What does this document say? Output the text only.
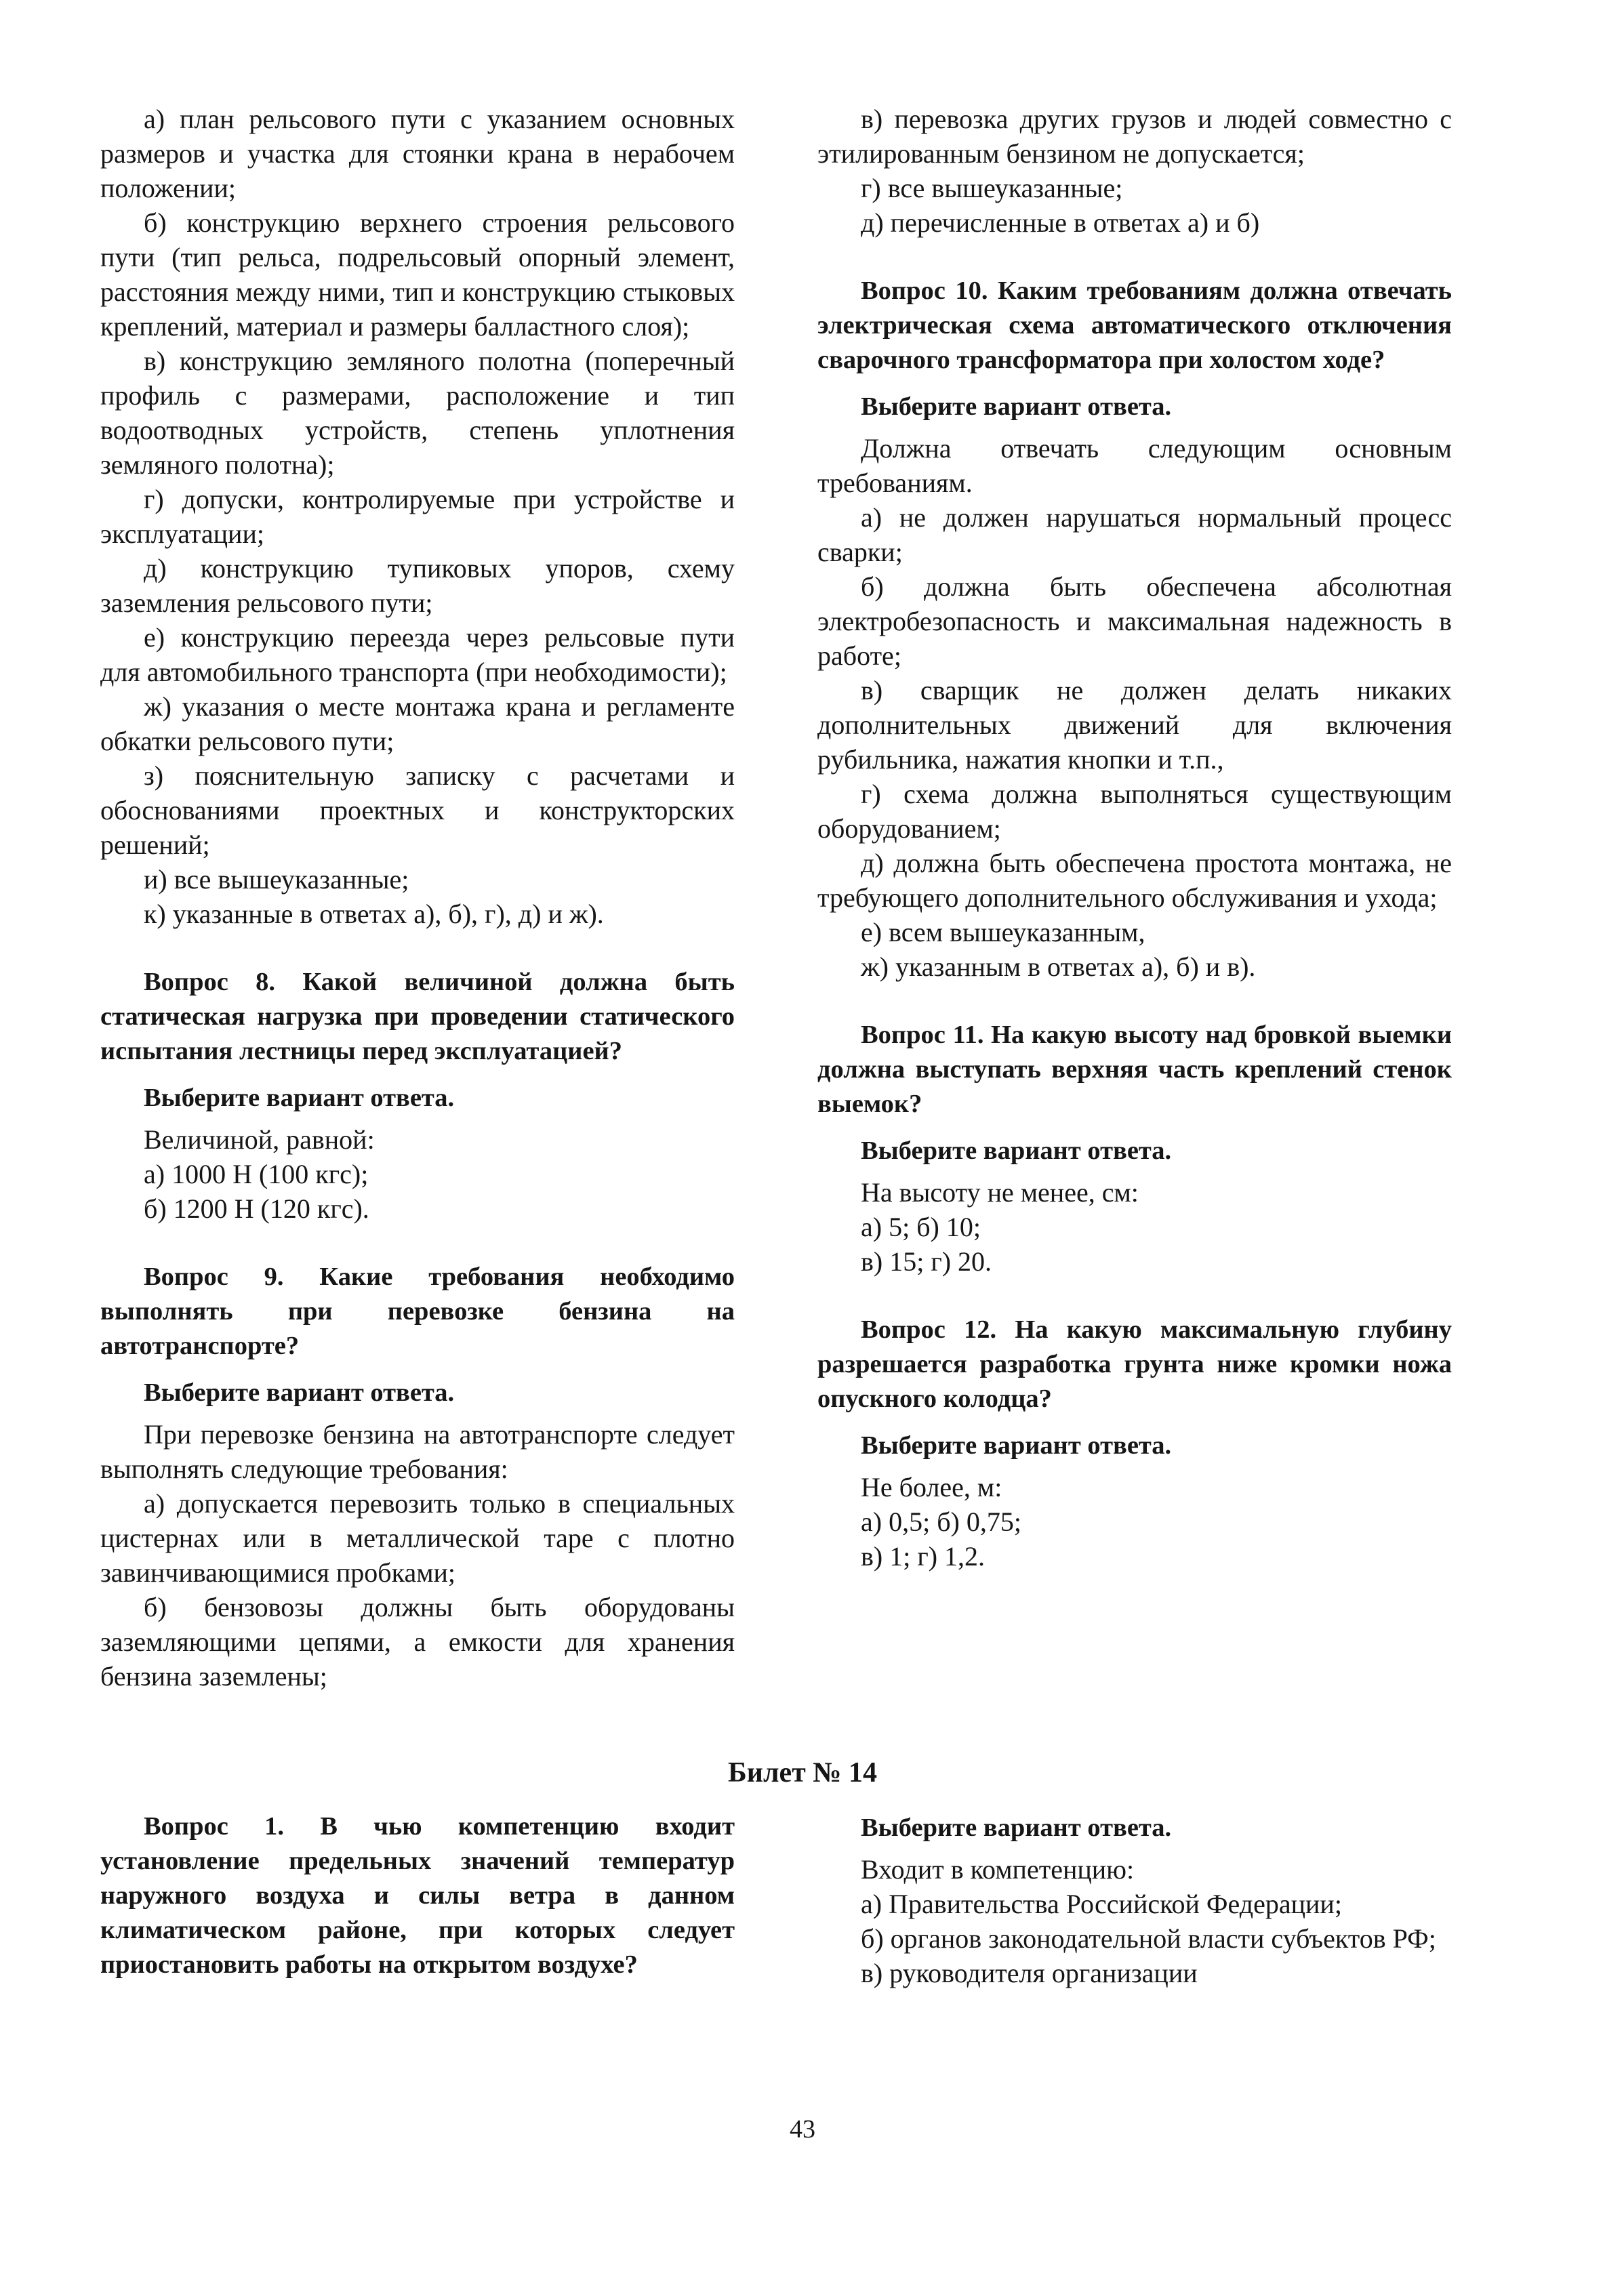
а) план рельсового пути с указанием основных размеров и участка для стоянки крана в нерабочем положении;

б) конструкцию верхнего строения рельсового пути (тип рельса, подрельсовый опорный элемент, расстояния между ними, тип и конструкцию стыковых креплений, материал и размеры балластного слоя);

в) конструкцию земляного полотна (поперечный профиль с размерами, расположение и тип водоотводных устройств, степень уплотнения земляного полотна);

г) допуски, контролируемые при устройстве и эксплуатации;

д) конструкцию тупиковых упоров, схему заземления рельсового пути;

е) конструкцию переезда через рельсовые пути для автомобильного транспорта (при необходимости);

ж) указания о месте монтажа крана и регламенте обкатки рельсового пути;

з) пояснительную записку с расчетами и обоснованиями проектных и конструкторских решений;

и) все вышеуказанные;

к) указанные в ответах а), б), г), д) и ж).

Вопрос 8. Какой величиной должна быть статическая нагрузка при проведении статического испытания лестницы перед эксплуатацией?

Выберите вариант ответа.

Величиной, равной:

а) 1000 Н (100 кгс);

б) 1200 Н (120 кгс).

Вопрос 9. Какие требования необходимо выполнять при перевозке бензина на автотранспорте?

Выберите вариант ответа.

При перевозке бензина на автотранспорте следует выполнять следующие требования:

а) допускается перевозить только в специальных цистернах или в металлической таре с плотно завинчивающимися пробками;

б) бензовозы должны быть оборудованы заземляющими цепями, а емкости для хранения бензина заземлены;

в) перевозка других грузов и людей совместно с этилированным бензином не допускается;

г) все вышеуказанные;

д) перечисленные в ответах а) и б)

Вопрос 10. Каким требованиям должна отвечать электрическая схема автоматического отключения сварочного трансформатора при холостом ходе?

Выберите вариант ответа.

Должна отвечать следующим основным требованиям.

а) не должен нарушаться нормальный процесс сварки;

б) должна быть обеспечена абсолютная электробезопасность и максимальная надежность в работе;

в) сварщик не должен делать никаких дополнительных движений для включения рубильника, нажатия кнопки и т.п.,

г) схема должна выполняться существующим оборудованием;

д) должна быть обеспечена простота монтажа, не требующего дополнительного обслуживания и ухода;

е) всем вышеуказанным,

ж) указанным в ответах а), б) и в).

Вопрос 11. На какую высоту над бровкой выемки должна выступать верхняя часть креплений стенок выемок?

Выберите вариант ответа.

На высоту не менее, см:

а) 5; б) 10;

в) 15; г) 20.

Вопрос 12. На какую максимальную глубину разрешается разработка грунта ниже кромки ножа опускного колодца?

Выберите вариант ответа.

Не более, м:

а) 0,5; б) 0,75;

в) 1; г) 1,2.

Билет № 14

Вопрос 1. В чью компетенцию входит установление предельных значений температур наружного воздуха и силы ветра в данном климатическом районе, при которых следует приостановить работы на открытом воздухе?

Выберите вариант ответа.

Входит в компетенцию:

а) Правительства Российской Федерации;

б) органов законодательной власти субъектов РФ;

в) руководителя организации

43
